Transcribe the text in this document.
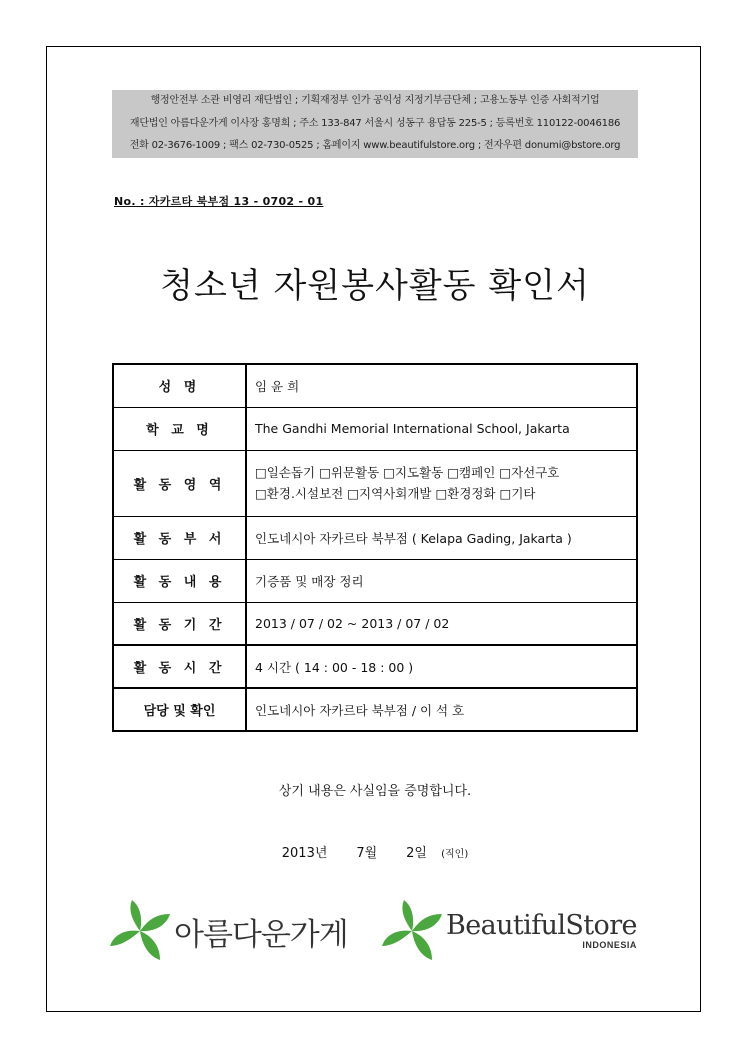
행정안전부 소관 비영리 재단법인 ; 기획재정부 인가 공익성 지정기부금단체 ; 고용노동부 인증 사회적기업
재단법인 아름다운가게 이사장 홍명희 ; 주소 133-847 서울시 성동구 용답동 225-5 ; 등록번호 110122-0046186
전화 02-3676-1009 ; 팩스 02-730-0525 ; 홈페이지 www.beautifulstore.org ; 전자우편 donumi@bstore.org
No. : 자카르타 북부점 13 - 0702 - 01
청소년 자원봉사활동 확인서
성 명	임 윤 희
학 교 명	The Gandhi Memorial International School, Jakarta
활 동 영 역	□일손돕기 □위문활동 □지도활동 □캠페인 □자선구호
□환경.시설보전 □지역사회개발 □환경정화 □기타

활 동 부 서	인도네시아 자카르타 북부점 ( Kelapa Gading, Jakarta )
활 동 내 용	기증품 및 매장 정리
활 동 기 간	2013 / 07 / 02 ~ 2013 / 07 / 02
활 동 시 간	4 시간 ( 14 : 00 - 18 : 00 )
담당 및 확인	인도네시아 자카르타 북부점 / 이 석 호
상기 내용은 사실임을 증명합니다.
2013년 7월 2일 (직인)
아름다운가게	BeautifulStore
INDONESIA
